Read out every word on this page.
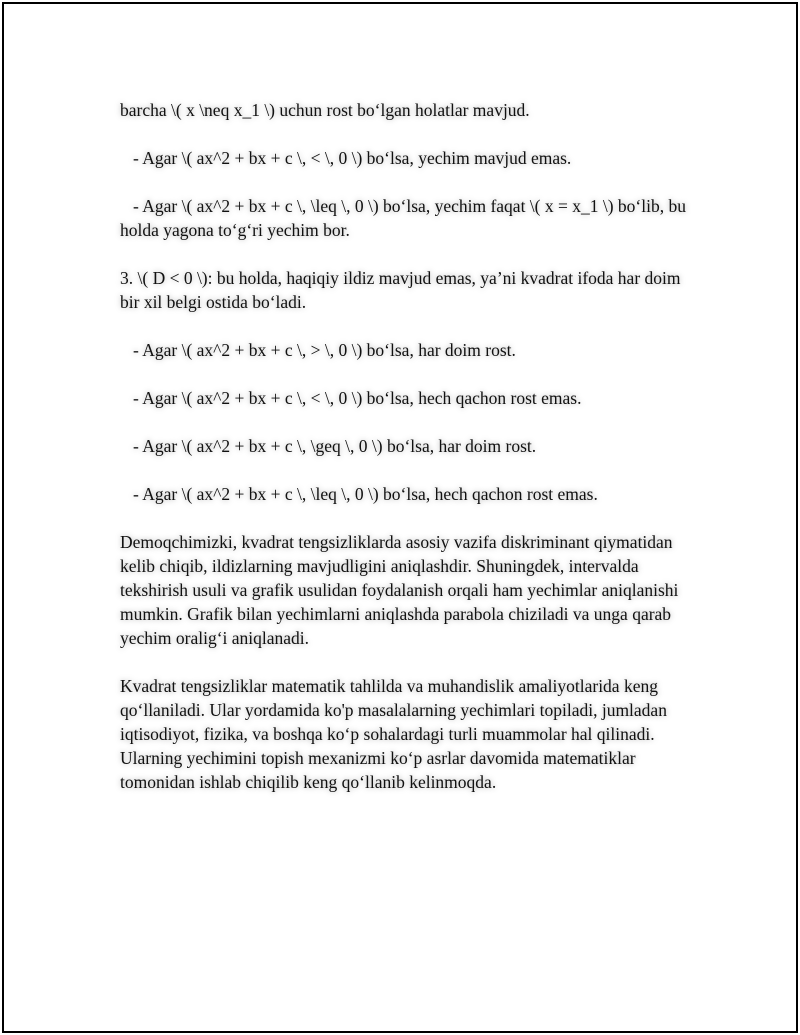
barcha \( x \neq x_1 \) uchun rost bo‘lgan holatlar mavjud.

- Agar \( ax^2 + bx + c \, < \, 0 \) bo‘lsa, yechim mavjud emas.

- Agar \( ax^2 + bx + c \, \leq \, 0 \) bo‘lsa, yechim faqat \( x = x_1 \) bo‘lib, bu holda yagona to‘g‘ri yechim bor.

3. \( D < 0 \): bu holda, haqiqiy ildiz mavjud emas, ya’ni kvadrat ifoda har doim bir xil belgi ostida bo‘ladi.

- Agar \( ax^2 + bx + c \, > \, 0 \) bo‘lsa, har doim rost.

- Agar \( ax^2 + bx + c \, < \, 0 \) bo‘lsa, hech qachon rost emas.

- Agar \( ax^2 + bx + c \, \geq \, 0 \) bo‘lsa, har doim rost.

- Agar \( ax^2 + bx + c \, \leq \, 0 \) bo‘lsa, hech qachon rost emas.

Demoqchimizki, kvadrat tengsizliklarda asosiy vazifa diskriminant qiymatidan kelib chiqib, ildizlarning mavjudligini aniqlashdir. Shuningdek, intervalda tekshirish usuli va grafik usulidan foydalanish orqali ham yechimlar aniqlanishi mumkin. Grafik bilan yechimlarni aniqlashda parabola chiziladi va unga qarab yechim oralig‘i aniqlanadi.

Kvadrat tengsizliklar matematik tahlilda va muhandislik amaliyotlarida keng qo‘llaniladi. Ular yordamida ko'p masalalarning yechimlari topiladi, jumladan iqtisodiyot, fizika, va boshqa ko‘p sohalardagi turli muammolar hal qilinadi. Ularning yechimini topish mexanizmi ko‘p asrlar davomida matematiklar tomonidan ishlab chiqilib keng qo‘llanib kelinmoqda.
